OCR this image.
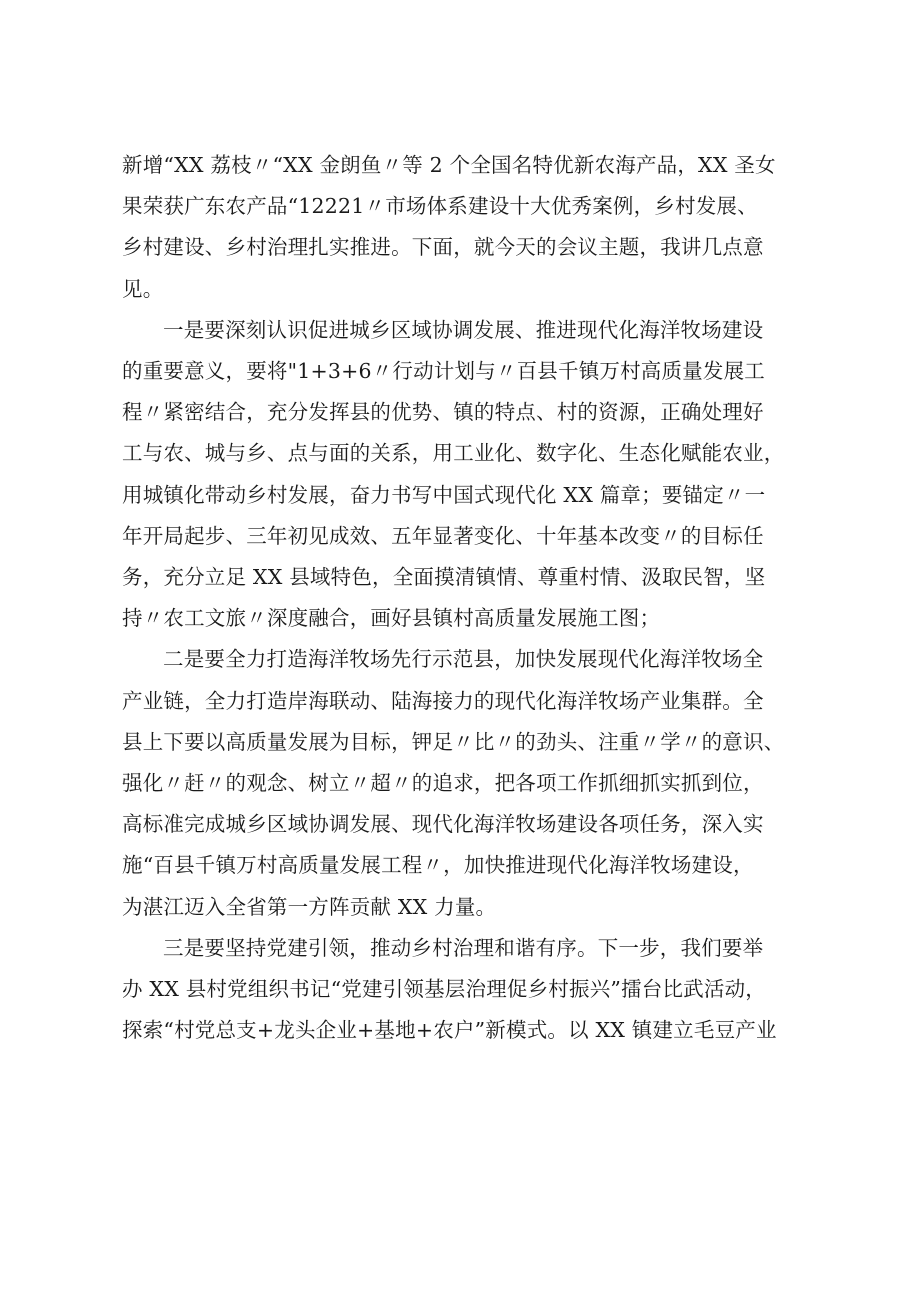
新增“XX 荔枝〃“XX 金朗鱼〃等 2 个全国名特优新农海产品，XX 圣女
果荣获广东农产品“12221〃市场体系建设十大优秀案例，乡村发展、
乡村建设、乡村治理扎实推进。下面，就今天的会议主题，我讲几点意
见。
一是要深刻认识促进城乡区域协调发展、推进现代化海洋牧场建设
的重要意义，要将"1+3+6〃行动计划与〃百县千镇万村高质量发展工
程〃紧密结合，充分发挥县的优势、镇的特点、村的资源，正确处理好
工与农、城与乡、点与面的关系，用工业化、数字化、生态化赋能农业，
用城镇化带动乡村发展，奋力书写中国式现代化 XX 篇章；要锚定〃一
年开局起步、三年初见成效、五年显著变化、十年基本改变〃的目标任
务，充分立足 XX 县域特色，全面摸清镇情、尊重村情、汲取民智，坚
持〃农工文旅〃深度融合，画好县镇村高质量发展施工图；
二是要全力打造海洋牧场先行示范县，加快发展现代化海洋牧场全
产业链，全力打造岸海联动、陆海接力的现代化海洋牧场产业集群。全
县上下要以高质量发展为目标，钾足〃比〃的劲头、注重〃学〃的意识、
强化〃赶〃的观念、树立〃超〃的追求，把各项工作抓细抓实抓到位，
高标准完成城乡区域协调发展、现代化海洋牧场建设各项任务，深入实
施“百县千镇万村高质量发展工程〃，加快推进现代化海洋牧场建设，
为湛江迈入全省第一方阵贡献 XX 力量。
三是要坚持党建引领，推动乡村治理和谐有序。下一步，我们要举
办 XX 县村党组织书记“党建引领基层治理促乡村振兴”擂台比武活动，
探索“村党总支+龙头企业+基地+农户”新模式。以 XX 镇建立毛豆产业
